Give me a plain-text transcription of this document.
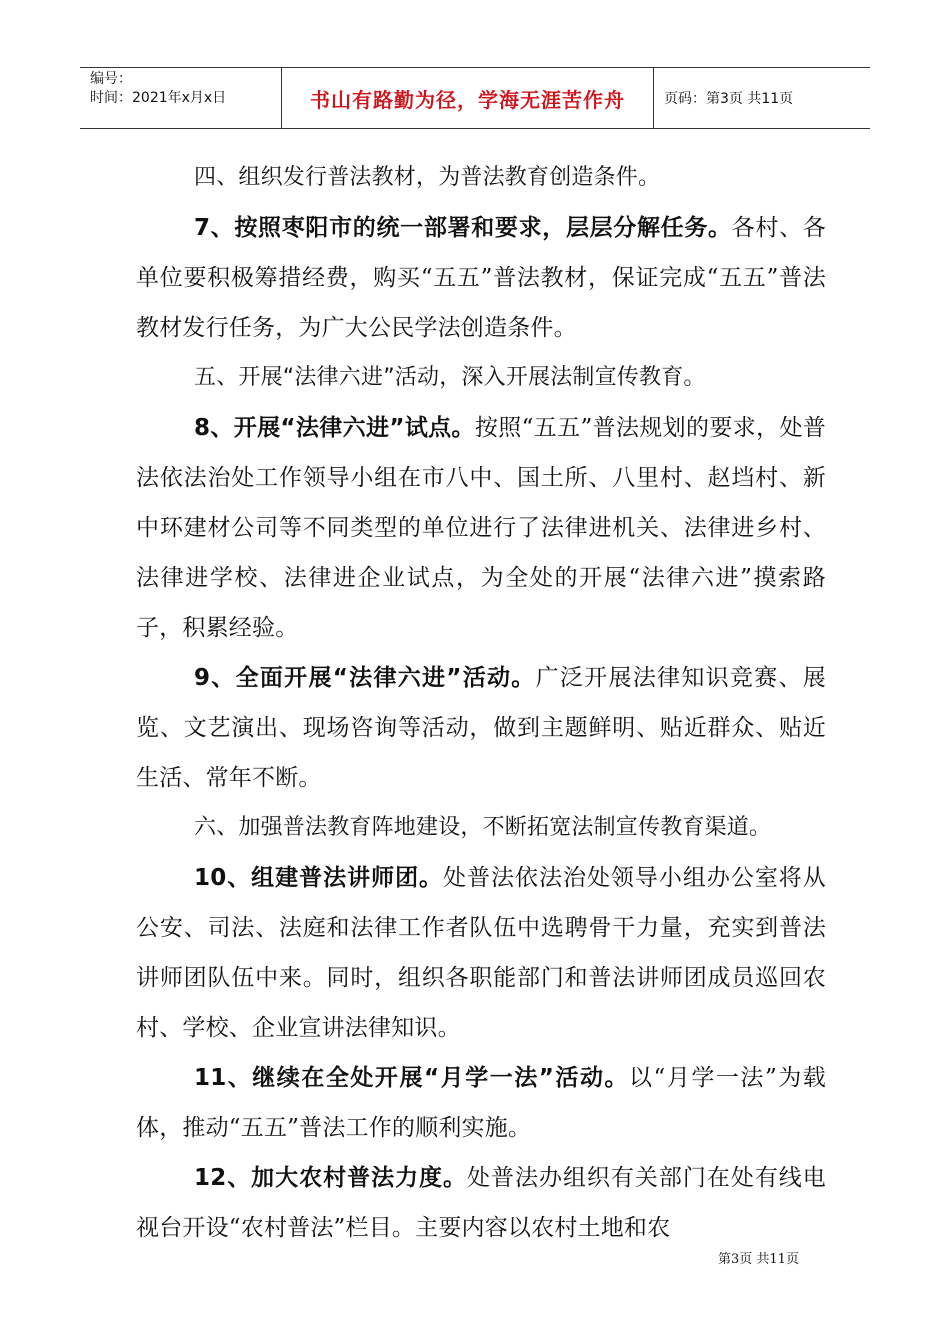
编号：
时间：2021年x月x日	书山有路勤为径，学海无涯苦作舟	页码：第3页 共11页

四、组织发行普法教材，为普法教育创造条件。

7、按照枣阳市的统一部署和要求，层层分解任务。各村、各单位要积极筹措经费，购买“五五”普法教材，保证完成“五五”普法教材发行任务，为广大公民学法创造条件。

五、开展“法律六进”活动，深入开展法制宣传教育。

8、开展“法律六进”试点。按照“五五”普法规划的要求，处普法依法治处工作领导小组在市八中、国土所、八里村、赵垱村、新中环建材公司等不同类型的单位进行了法律进机关、法律进乡村、法律进学校、法律进企业试点，为全处的开展“法律六进”摸索路子，积累经验。

9、全面开展“法律六进”活动。广泛开展法律知识竞赛、展览、文艺演出、现场咨询等活动，做到主题鲜明、贴近群众、贴近生活、常年不断。

六、加强普法教育阵地建设，不断拓宽法制宣传教育渠道。

10、组建普法讲师团。处普法依法治处领导小组办公室将从公安、司法、法庭和法律工作者队伍中选聘骨干力量，充实到普法讲师团队伍中来。同时，组织各职能部门和普法讲师团成员巡回农村、学校、企业宣讲法律知识。

11、继续在全处开展“月学一法”活动。以“月学一法”为载体，推动“五五”普法工作的顺利实施。

12、加大农村普法力度。处普法办组织有关部门在处有线电视台开设“农村普法”栏目。主要内容以农村土地和农

第3页 共11页
